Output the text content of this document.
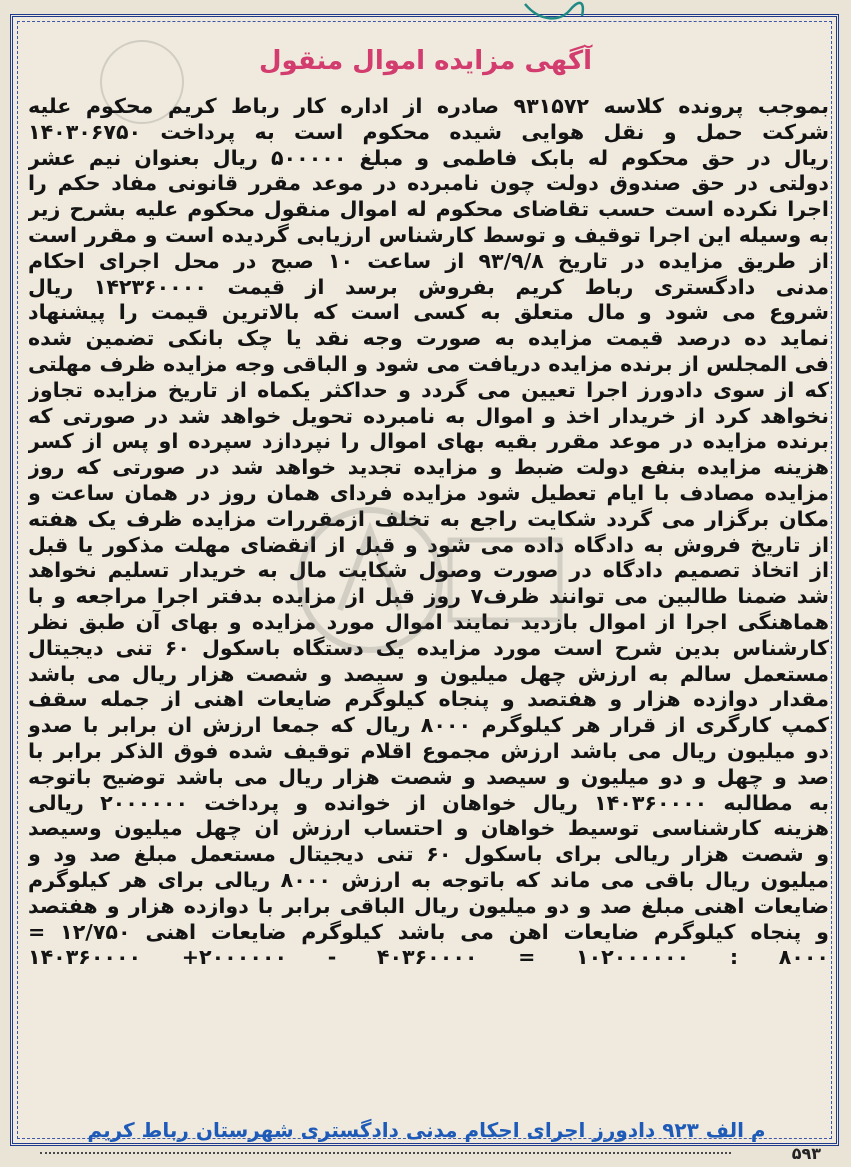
آگهی مزایده اموال منقول
بموجب پرونده کلاسه ۹۳۱۵۷۲ صادره از اداره کار رباط کریم محکوم علیه
شرکت حمل و نقل هوایی شیده محکوم است به پرداخت ۱۴۰۳۰۶۷۵۰
ریال در حق محکوم له بابک فاطمی و مبلغ ۵۰۰۰۰۰ ریال بعنوان نیم عشر
دولتی در حق صندوق دولت چون نامبرده در موعد مقرر قانونی مفاد حکم را
اجرا نکرده است حسب تقاضای محکوم له اموال منقول محکوم علیه بشرح زیر
به وسیله این اجرا توقیف و توسط کارشناس ارزیابی گردیده است و مقرر است
از طریق مزایده در تاریخ ۹۳/۹/۸ از ساعت ۱۰ صبح در محل اجرای احکام
مدنی دادگستری رباط کریم بفروش برسد از قیمت ۱۴۲۳۶۰۰۰۰ ریال
شروع می شود و مال متعلق به کسی است که بالاترین قیمت را پیشنهاد
نماید ده درصد قیمت مزایده به صورت وجه نقد یا چک بانکی تضمین شده
فی المجلس از برنده مزایده دریافت می شود و الباقی وجه مزایده ظرف مهلتی
که از سوی دادورز اجرا تعیین می گردد و حداکثر یکماه از تاریخ مزایده تجاوز
نخواهد کرد از خریدار اخذ و اموال به نامبرده تحویل خواهد شد در صورتی که
برنده مزایده در موعد مقرر بقیه بهای اموال را نپردازد سپرده او پس از کسر
هزینه مزایده بنفع دولت ضبط و مزایده تجدید خواهد شد در صورتی که روز
مزایده مصادف با ایام تعطیل شود مزایده فردای همان روز در همان ساعت و
مکان برگزار می گردد شکایت راجع به تخلف ازمقررات مزایده ظرف یک هفته
از تاریخ فروش به دادگاه داده می شود و قبل از انقضای مهلت مذکور یا قبل
از اتخاذ تصمیم دادگاه در صورت وصول شکایت مال به خریدار تسلیم نخواهد
شد ضمنا طالبین می توانند ظرف۷ روز قبل از مزایده بدفتر اجرا مراجعه و با
هماهنگی اجرا از اموال بازدید نمایند اموال مورد مزایده و بهای آن طبق نظر
کارشناس بدین شرح است مورد مزایده یک دستگاه باسکول ۶۰ تنی دیجیتال
مستعمل سالم به ارزش چهل میلیون و سیصد و شصت هزار ریال می باشد
مقدار دوازده هزار و هفتصد و پنجاه کیلوگرم ضایعات اهنی از جمله سقف
کمپ کارگری از قرار هر کیلوگرم ۸۰۰۰ ریال که جمعا ارزش ان برابر با صدو
دو میلیون ریال می باشد ارزش مجموع اقلام توقیف شده فوق الذکر برابر با
صد و چهل و دو میلیون و سیصد و شصت هزار ریال می باشد توضیح باتوجه
به مطالبه ۱۴۰۳۶۰۰۰۰ ریال خواهان از خوانده و پرداخت ۲۰۰۰۰۰۰ ریالی
هزینه کارشناسی توسیط خواهان و احتساب ارزش ان چهل میلیون وسیصد
و شصت هزار ریالی برای باسکول ۶۰ تنی دیجیتال مستعمل مبلغ صد ود و
میلیون ریال باقی می ماند که باتوجه به ارزش ۸۰۰۰ ریالی برای هر کیلوگرم
ضایعات اهنی مبلغ صد و دو میلیون ریال الباقی برابر با دوازده هزار و هفتصد
و پنجاه کیلوگرم ضایعات اهن می باشد کیلوگرم ضایعات اهنی ۱۲/۷۵۰ =
۸۰۰۰ : ۱۰۲۰۰۰۰۰۰ = ۴۰۳۶۰۰۰۰ - ۲۰۰۰۰۰۰+ ۱۴۰۳۶۰۰۰۰
م الف ۹۲۳ دادورز اجرای احکام مدنی دادگستری شهرستان رباط کریم
۵۹۳
